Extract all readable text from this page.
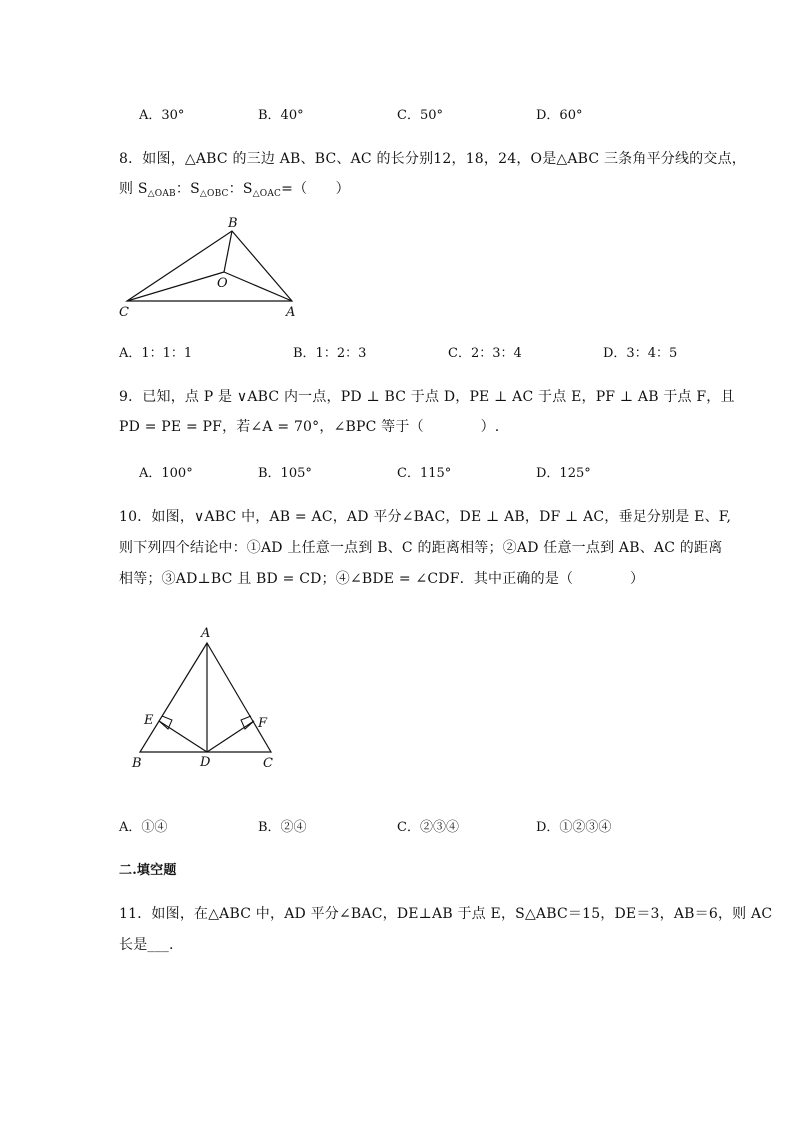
A．30°	B．40°	C．50°	D．60°
8．如图，△ABC 的三边 AB、BC、AC 的长分别12，18，24，O是△ABC 三条角平分线的交点，
则 $S_{\triangle OAB}$：$S_{\triangle OBC}$：$S_{\triangle OAC}=$（　　）
B
O
C	A
A．1：1：1	B．1：2：3	C．2：3：4	D．3：4：5
9．已知，点 P 是 ∨ABC 内一点，PD ⊥ BC 于点 D，PE ⊥ AC 于点 E，PF ⊥ AB 于点 F，且
PD = PE = PF，若∠A = 70°，∠BPC 等于（　　　　）.
A．100°	B．105°	C．115°	D．125°
10．如图，∨ABC 中，AB = AC，AD 平分∠BAC，DE ⊥ AB，DF ⊥ AC，垂足分别是 E、F,
则下列四个结论中：①AD 上任意一点到 B、C 的距离相等；②AD 任意一点到 AB、AC 的距离
相等；③AD⊥BC 且 BD = CD；④∠BDE = ∠CDF．其中正确的是（　　　　）
A
E	F
B	D	C
A．①④	B．②④	C．②③④	D．①②③④
二.填空题
11．如图，在△ABC 中，AD 平分∠BAC，DE⊥AB 于点 E，S△ABC＝15，DE＝3，AB＝6，则 AC
长是___.
